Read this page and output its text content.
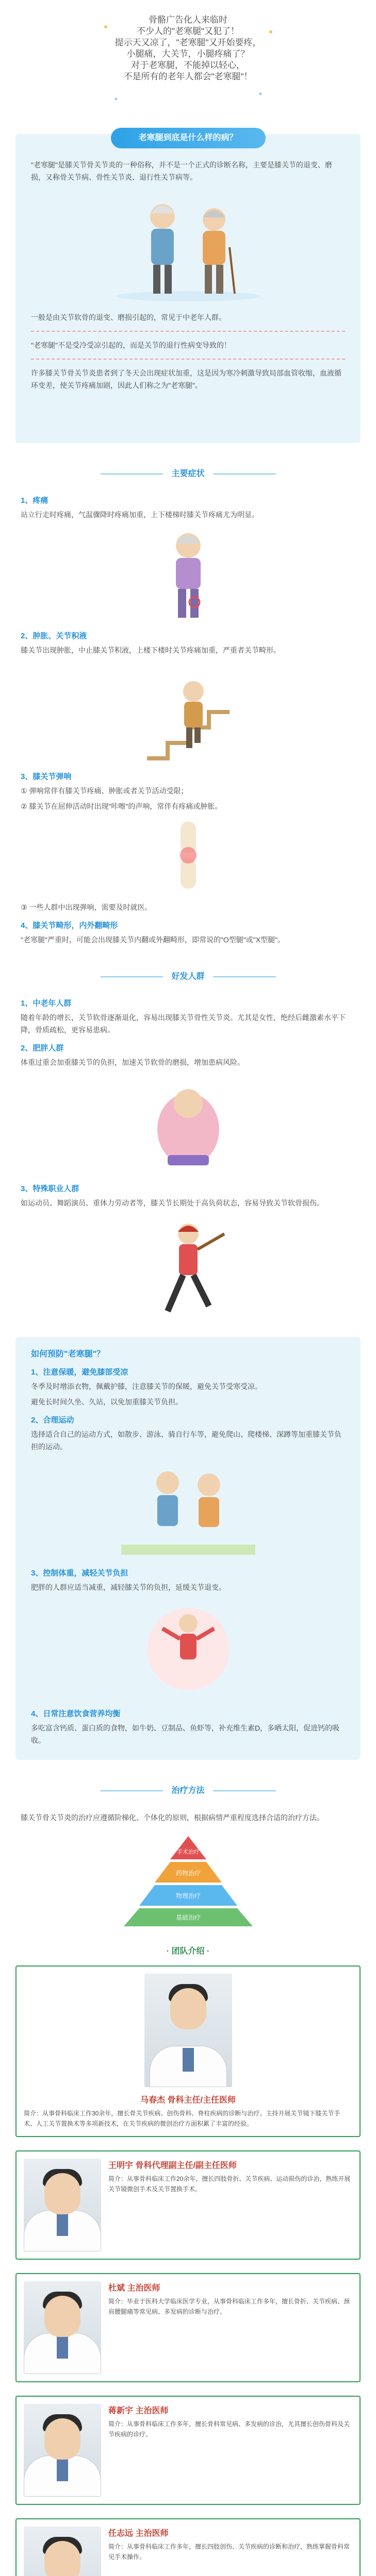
骨骼广告化人来临时
不少人的"老寒腿"又犯了！
提示天又凉了，"老寒腿"又开始要疼，
小腿痛，大关节，小腿疼痛了？
对于老寒腿，不能掉以轻心，
不是所有的老年人都会"老寒腿"！
老寒腿到底是什么样的病？

"老寒腿"是膝关节骨关节炎的一种俗称，并不是一个正式的诊断名称，主要是膝关节的退变、磨损，又称骨关节病、骨性关节炎、退行性关节病等。

一般是由关节软骨的退变、磨损引起的，常见于中老年人群。

"老寒腿"不是受冷受凉引起的，而是关节的退行性病变导致的！

许多膝关节骨关节炎患者到了冬天会出现症状加重，这是因为寒冷刺激导致局部血管收缩，血液循环变差，使关节疼痛加剧，因此人们称之为"老寒腿"。

主要症状
1、疼痛
站立行走时疼痛，气温骤降时疼痛加重，上下楼梯时膝关节疼痛尤为明显。
2、肿胀、关节积液
膝关节出现肿胀，中止膝关节积液，上楼下楼时关节疼痛加重，严重者关节畸形。
3、膝关节弹响
① 弹响常伴有膝关节疼痛、肿胀或者关节活动受限；
② 膝关节在屈伸活动时出现"咔嚓"的声响，常伴有疼痛或肿胀。
③ 一些人群中出现弹响，需要及时就医。
4、膝关节畸形，内外翻畸形
"老寒腿"严重时，可能会出现膝关节内翻或外翻畸形，即常说的"O型腿"或"X型腿"。
好发人群
1、中老年人群
随着年龄的增长，关节软骨逐渐退化，容易出现膝关节骨性关节炎。尤其是女性，绝经后雌激素水平下降，骨质疏松，更容易患病。
2、肥胖人群
体重过重会加重膝关节的负担，加速关节软骨的磨损，增加患病风险。
3、特殊职业人群
如运动员、舞蹈演员、重体力劳动者等，膝关节长期处于高负荷状态，容易导致关节软骨损伤。
如何预防"老寒腿"？
1、注意保暖，避免膝部受凉
冬季及时增添衣物，佩戴护膝，注意膝关节的保暖，避免关节受寒受凉。
避免长时间久坐、久站，以免加重膝关节负担。
2、合理运动
选择适合自己的运动方式，如散步、游泳、骑自行车等，避免爬山、爬楼梯、深蹲等加重膝关节负担的运动。
3、控制体重，减轻关节负担
肥胖的人群应适当减重，减轻膝关节的负担，延缓关节退变。
4、日常注意饮食营养均衡
多吃富含钙质、蛋白质的食物，如牛奶、豆制品、鱼虾等，补充维生素D，多晒太阳，促进钙的吸收。
治疗方法
膝关节骨关节炎的治疗应遵循阶梯化、个体化的原则，根据病情严重程度选择合适的治疗方法。
手术治疗
药物治疗
物理治疗
基础治疗
· 团队介绍 ·
马春杰 骨科主任/主任医师
简介：从事骨科临床工作30余年，擅长骨关节疾病、创伤骨科、脊柱疾病的诊断与治疗。主持开展关节镜下膝关节手术、人工关节置换术等多项新技术，在关节疾病的微创治疗方面积累了丰富的经验。
王明宇 骨科代理副主任/副主任医师
简介：从事骨科临床工作20余年，擅长四肢骨折、关节疾病、运动损伤的诊治，熟练开展关节镜微创手术及关节置换手术。
杜斌 主治医师
简介：毕业于医科大学临床医学专业，从事骨科临床工作多年，擅长骨折、关节疾病、颈肩腰腿痛等常见病、多发病的诊断与治疗。
蒋新宇 主治医师
简介：从事骨科临床工作多年，擅长骨科常见病、多发病的诊治，尤其擅长创伤骨科及关节疾病的诊疗。
任志远 主治医师
简介：从事骨科临床工作多年，擅长四肢创伤、关节疾病的诊断和治疗，熟练掌握骨科常见手术操作。
